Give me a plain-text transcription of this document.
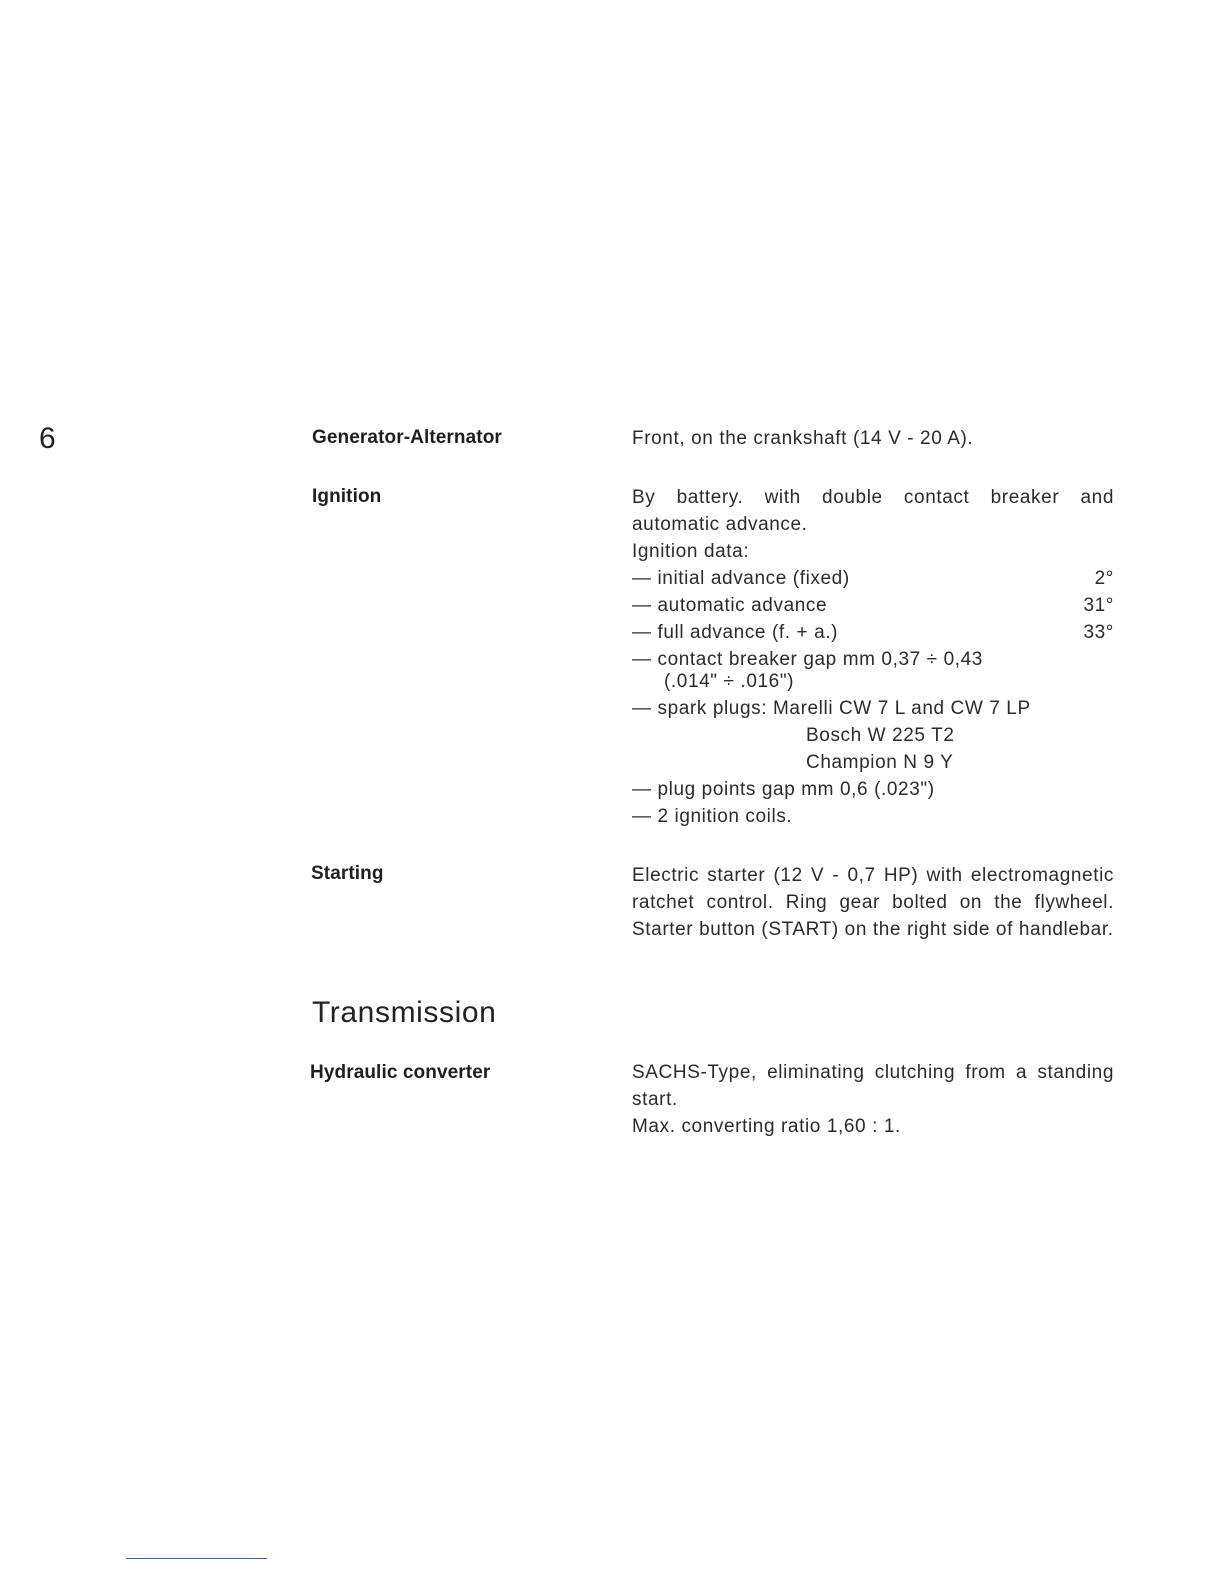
6	Generator-Alternator	Front, on the crankshaft (14 V - 20 A).
Ignition	By battery. with double contact breaker and automatic advance.
Ignition data:
— initial advance (fixed)	2°
— automatic advance	31°
— full advance (f. + a.)	33°
— contact breaker gap mm 0,37 ÷ 0,43
(.014" ÷ .016")
— spark plugs: Marelli CW 7 L and CW 7 LP
Bosch W 225 T2
Champion N 9 Y
— plug points gap mm 0,6 (.023")
— 2 ignition coils.
Starting	Electric starter (12 V - 0,7 HP) with electromagnetic ratchet control. Ring gear bolted on the flywheel. Starter button (START) on the right side of handlebar.
Transmission
Hydraulic converter	SACHS-Type, eliminating clutching from a standing start.
Max. converting ratio 1,60 : 1.
